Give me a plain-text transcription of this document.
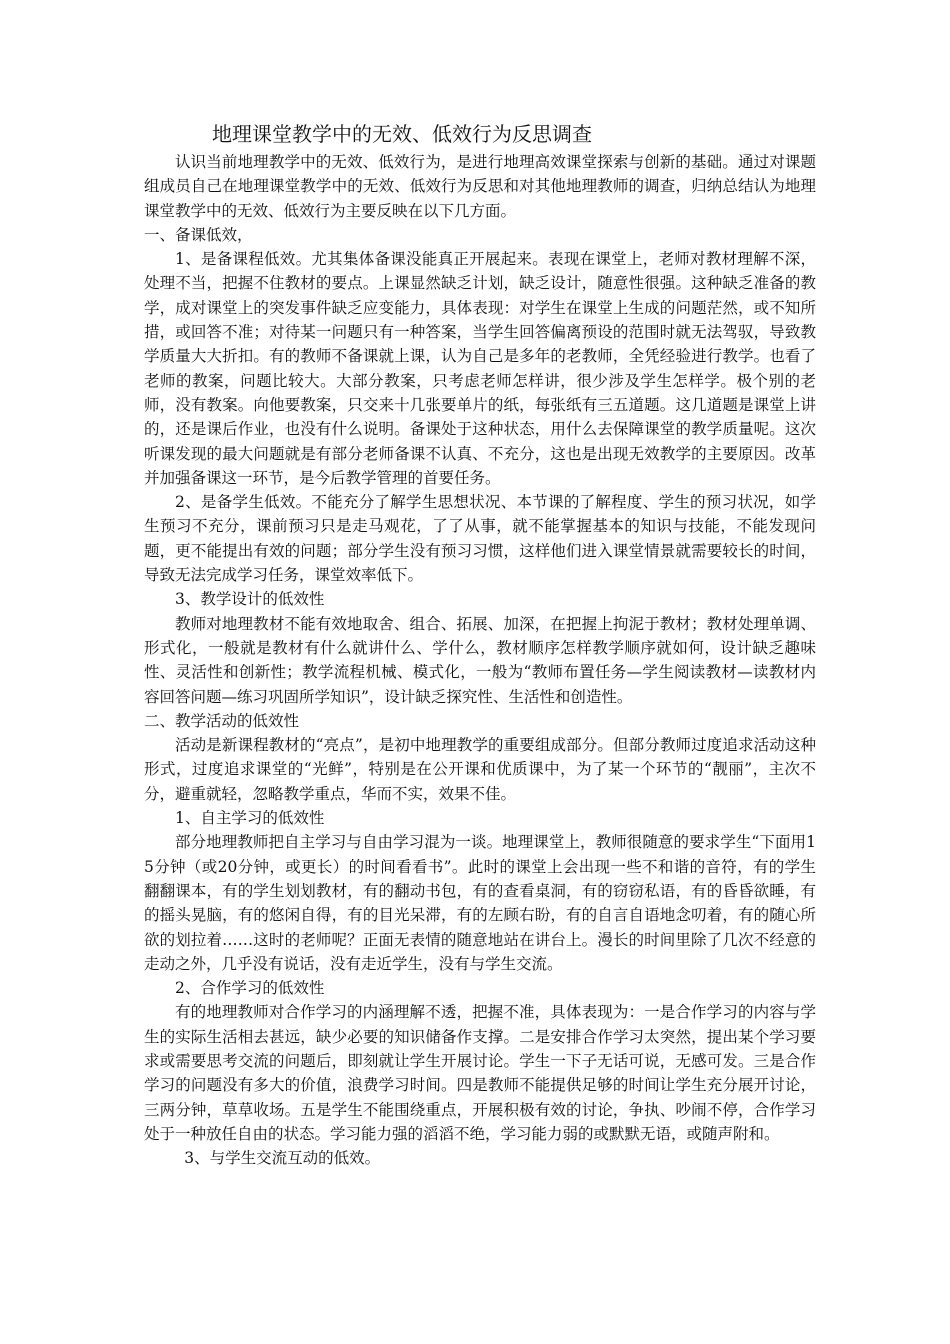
地理课堂教学中的无效、低效行为反思调查

认识当前地理教学中的无效、低效行为，是进行地理高效课堂探索与创新的基础。通过对课题组成员自己在地理课堂教学中的无效、低效行为反思和对其他地理教师的调查，归纳总结认为地理课堂教学中的无效、低效行为主要反映在以下几方面。

一、备课低效，

1、是备课程低效。尤其集体备课没能真正开展起来。表现在课堂上，老师对教材理解不深，处理不当，把握不住教材的要点。上课显然缺乏计划，缺乏设计，随意性很强。这种缺乏准备的教学，成对课堂上的突发事件缺乏应变能力，具体表现：对学生在课堂上生成的问题茫然，或不知所措，或回答不准；对待某一问题只有一种答案，当学生回答偏离预设的范围时就无法驾驭，导致教学质量大大折扣。有的教师不备课就上课，认为自己是多年的老教师，全凭经验进行教学。也看了老师的教案，问题比较大。大部分教案，只考虑老师怎样讲，很少涉及学生怎样学。极个别的老师，没有教案。向他要教案，只交来十几张要单片的纸，每张纸有三五道题。这几道题是课堂上讲的，还是课后作业，也没有什么说明。备课处于这种状态，用什么去保障课堂的教学质量呢。这次听课发现的最大问题就是有部分老师备课不认真、不充分，这也是出现无效教学的主要原因。改革并加强备课这一环节，是今后教学管理的首要任务。

2、是备学生低效。不能充分了解学生思想状况、本节课的了解程度、学生的预习状况，如学生预习不充分，课前预习只是走马观花，了了从事，就不能掌握基本的知识与技能，不能发现问题，更不能提出有效的问题；部分学生没有预习习惯，这样他们进入课堂情景就需要较长的时间，导致无法完成学习任务，课堂效率低下。

3、教学设计的低效性

教师对地理教材不能有效地取舍、组合、拓展、加深，在把握上拘泥于教材；教材处理单调、形式化，一般就是教材有什么就讲什么、学什么，教材顺序怎样教学顺序就如何，设计缺乏趣味性、灵活性和创新性；教学流程机械、模式化，一般为“教师布置任务—学生阅读教材—读教材内容回答问题—练习巩固所学知识”，设计缺乏探究性、生活性和创造性。

二、教学活动的低效性

活动是新课程教材的“亮点”，是初中地理教学的重要组成部分。但部分教师过度追求活动这种形式，过度追求课堂的“光鲜”，特别是在公开课和优质课中，为了某一个环节的“靓丽”，主次不分，避重就轻，忽略教学重点，华而不实，效果不佳。

1、自主学习的低效性

部分地理教师把自主学习与自由学习混为一谈。地理课堂上，教师很随意的要求学生“下面用15分钟（或20分钟，或更长）的时间看看书”。此时的课堂上会出现一些不和谐的音符，有的学生翻翻课本，有的学生划划教材，有的翻动书包，有的查看桌洞，有的窃窃私语，有的昏昏欲睡，有的摇头晃脑，有的悠闲自得，有的目光呆滞，有的左顾右盼，有的自言自语地念叨着，有的随心所欲的划拉着……这时的老师呢？正面无表情的随意地站在讲台上。漫长的时间里除了几次不经意的走动之外，几乎没有说话，没有走近学生，没有与学生交流。

2、合作学习的低效性

有的地理教师对合作学习的内涵理解不透，把握不准，具体表现为：一是合作学习的内容与学生的实际生活相去甚远，缺少必要的知识储备作支撑。二是安排合作学习太突然，提出某个学习要求或需要思考交流的问题后，即刻就让学生开展讨论。学生一下子无话可说，无感可发。三是合作学习的问题没有多大的价值，浪费学习时间。四是教师不能提供足够的时间让学生充分展开讨论，三两分钟，草草收场。五是学生不能围绕重点，开展积极有效的讨论，争执、吵闹不停，合作学习处于一种放任自由的状态。学习能力强的滔滔不绝，学习能力弱的或默默无语，或随声附和。

3、与学生交流互动的低效。
